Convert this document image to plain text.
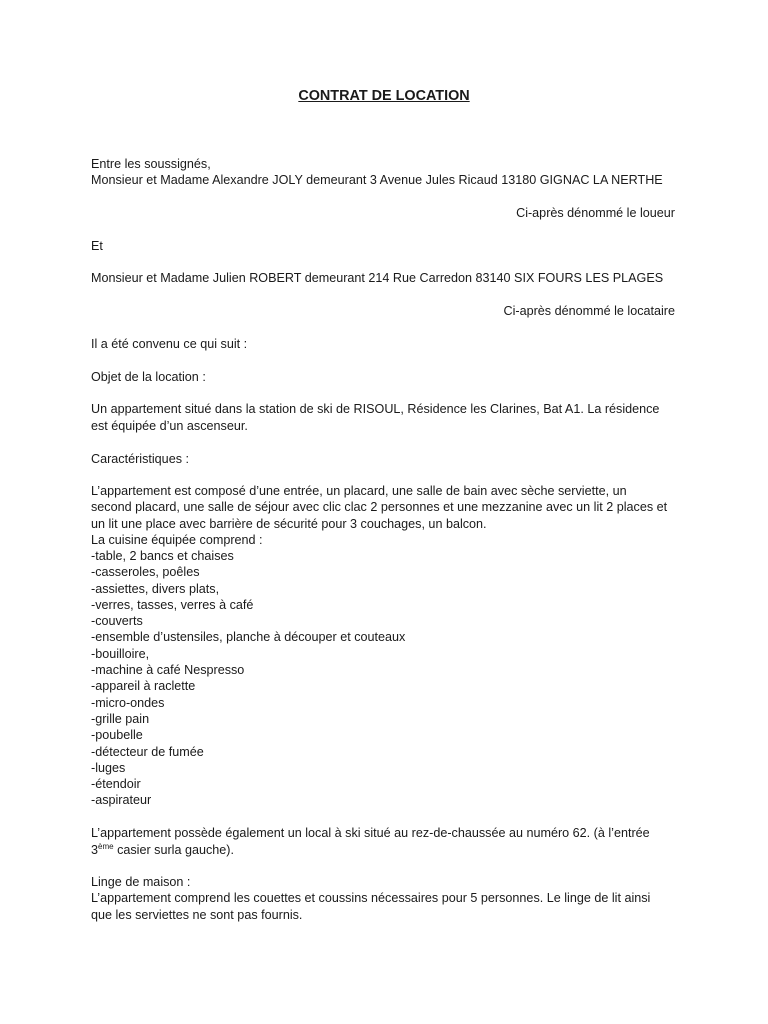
CONTRAT DE LOCATION
Entre les soussignés,
Monsieur et Madame Alexandre JOLY demeurant 3 Avenue Jules Ricaud 13180 GIGNAC LA NERTHE
Ci-après dénommé le loueur
Et
Monsieur et Madame Julien ROBERT demeurant 214 Rue Carredon 83140 SIX FOURS LES PLAGES
Ci-après dénommé le locataire
Il a été convenu ce qui suit :
Objet de la location :
Un appartement situé dans la station de ski de RISOUL, Résidence les Clarines, Bat A1. La résidence
est équipée d’un ascenseur.
Caractéristiques :
L’appartement est composé d’une entrée, un placard, une salle de bain avec sèche serviette, un
second placard, une salle de séjour avec clic clac 2 personnes et une mezzanine avec un lit 2 places et
un lit une place avec barrière de sécurité pour 3 couchages, un balcon.
La cuisine équipée comprend :
-table, 2 bancs et chaises
-casseroles, poêles
-assiettes, divers plats,
-verres, tasses, verres à café
-couverts
-ensemble d’ustensiles, planche à découper et couteaux
-bouilloire,
-machine à café Nespresso
-appareil à raclette
-micro-ondes
-grille pain
-poubelle
-détecteur de fumée
-luges
-étendoir
-aspirateur
L’appartement possède également un local à ski situé au rez-de-chaussée au numéro 62. (à l’entrée
3ème casier surla gauche).
Linge de maison :
L’appartement comprend les couettes et coussins nécessaires pour 5 personnes. Le linge de lit ainsi
que les serviettes ne sont pas fournis.
